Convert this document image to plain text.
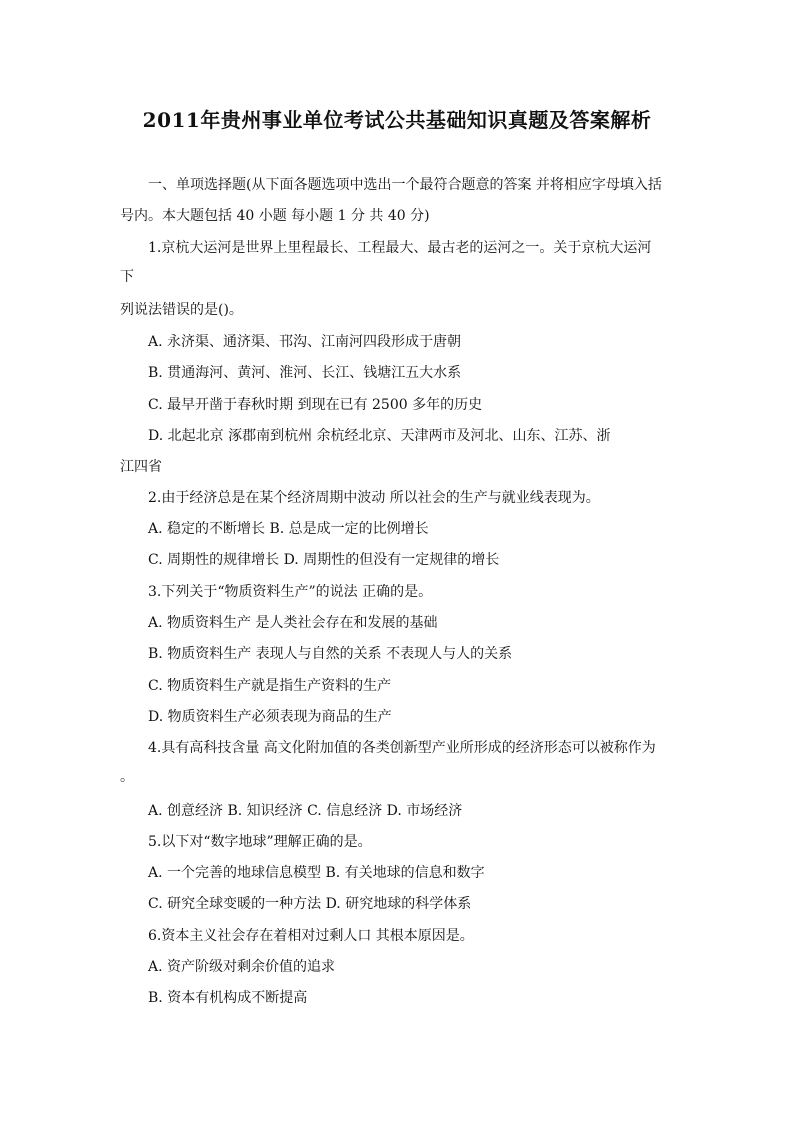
2011年贵州事业单位考试公共基础知识真题及答案解析
一、单项选择题(从下面各题选项中选出一个最符合题意的答案 并将相应字母填入括
号内。本大题包括 40 小题 每小题 1 分 共 40 分)
1.京杭大运河是世界上里程最长、工程最大、最古老的运河之一。关于京杭大运河
下
列说法错误的是()。
A. 永济渠、通济渠、邗沟、江南河四段形成于唐朝
B. 贯通海河、黄河、淮河、长江、钱塘江五大水系
C. 最早开凿于春秋时期 到现在已有 2500 多年的历史
D. 北起北京 涿郡南到杭州 余杭经北京、天津两市及河北、山东、江苏、浙
江四省
2.由于经济总是在某个经济周期中波动 所以社会的生产与就业线表现为。
A. 稳定的不断增长 B. 总是成一定的比例增长
C. 周期性的规律增长 D. 周期性的但没有一定规律的增长
3.下列关于“物质资料生产”的说法 正确的是。
A. 物质资料生产 是人类社会存在和发展的基础
B. 物质资料生产 表现人与自然的关系 不表现人与人的关系
C. 物质资料生产就是指生产资料的生产
D. 物质资料生产必须表现为商品的生产
4.具有高科技含量 高文化附加值的各类创新型产业所形成的经济形态可以被称作为
。
A. 创意经济 B. 知识经济 C. 信息经济 D. 市场经济
5.以下对“数字地球”理解正确的是。
A. 一个完善的地球信息模型 B. 有关地球的信息和数字
C. 研究全球变暖的一种方法 D. 研究地球的科学体系
6.资本主义社会存在着相对过剩人口 其根本原因是。
A. 资产阶级对剩余价值的追求
B. 资本有机构成不断提高
